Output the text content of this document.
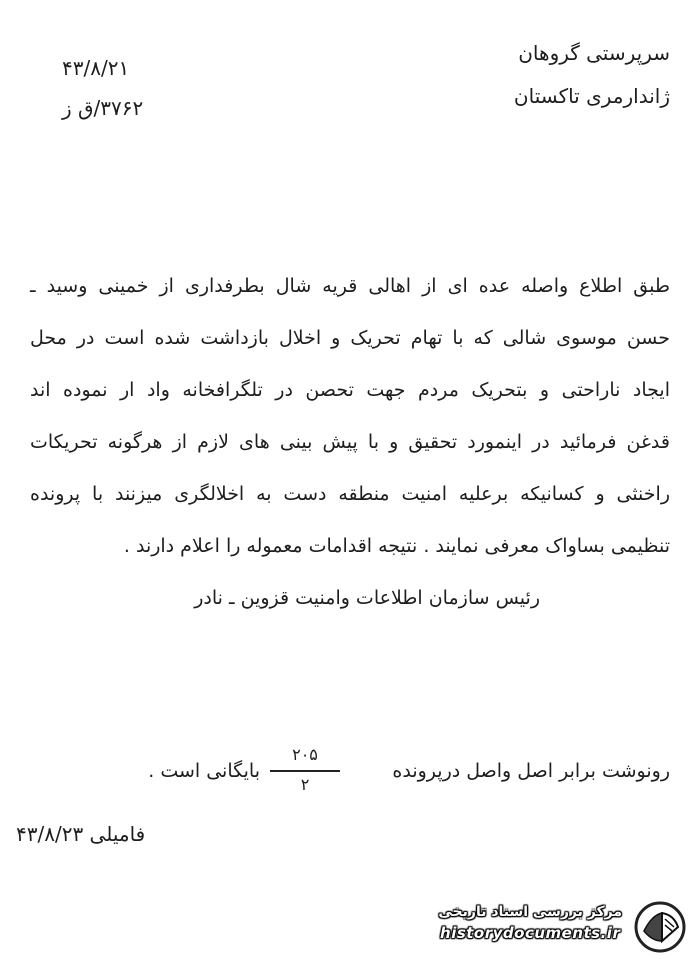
سرپرستی گروهان
ژاندارمری تاکستان
۴۳/۸/۲۱
۳۷۶۲/ق ز
طبق اطلاع واصله عده ای از اهالی قریه شال بطرفداری از خمینی وسید ـ
حسن موسوی شالی که با تهام تحریک و اخلال بازداشت شده است در محل
ایجاد ناراحتی و بتحریک مردم جهت تحصن در تلگرافخانه واد ار نموده اند
قدغن فرمائید در اینمورد تحقیق و با پیش بینی های لازم از هرگونه تحریکات
راخنثی و کسانیکه برعلیه امنیت منطقه دست به اخلالگری میزنند با پرونده
تنظیمی بساواک معرفی نمایند . نتیجه اقدامات معموله را اعلام دارند .
رئیس سازمان اطلاعات وامنیت قزوین ـ نادر
رونوشت برابر اصل واصل درپرونده
۲۰۵
۲
بایگانی است .
فامیلی ۴۳/۸/۲۳
مرکز بررسی اسناد تاریخی
historydocuments.ir
